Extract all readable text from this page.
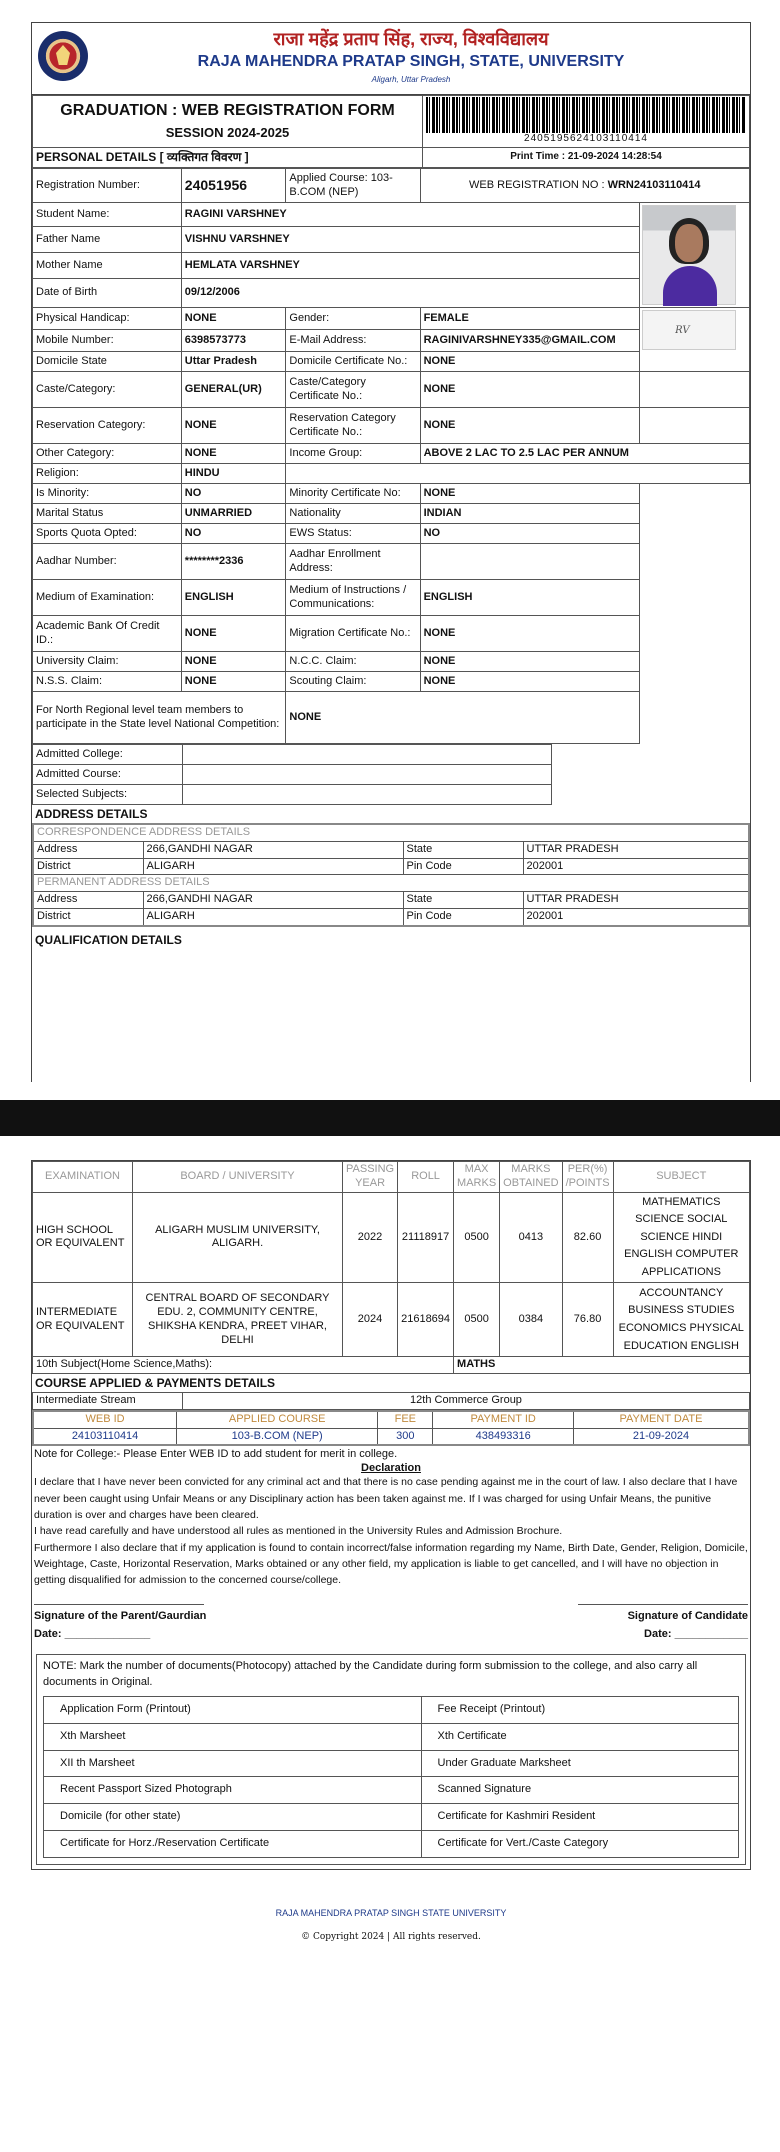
राजा महेंद्र प्रताप सिंह, राज्य, विश्वविद्यालय
RAJA MAHENDRA PRATAP SINGH, STATE, UNIVERSITY
Aligarh, Uttar Pradesh
GRADUATION : WEB REGISTRATION FORM
SESSION 2024-2025	2405195624103110414

PERSONAL DETAILS [ व्यक्तिगत विवरण ]	Print Time : 21-09-2024 14:28:54
Registration Number:	24051956	Applied Course: 103-B.COM (NEP)	WEB REGISTRATION NO : WRN24103110414	
Student Name:	RAGINI VARSHNEY			

Father Name	VISHNU VARSHNEY			
Mother Name	HEMLATA VARSHNEY			
Date of Birth	09/12/2006			
Physical Handicap:	NONE	Gender:	FEMALE	RV

Mobile Number:	6398573773	E-Mail Address:	RAGINIVARSHNEY335@GMAIL.COM	
Domicile State	Uttar Pradesh	Domicile Certificate No.:	NONE	
Caste/Category:	GENERAL(UR)	Caste/Category Certificate No.:	NONE	
Reservation Category:	NONE	Reservation Category Certificate No.:	NONE	
Other Category:	NONE	Income Group:	ABOVE 2 LAC TO 2.5 LAC PER ANNUM	
Religion:	HINDU			
Is Minority:	NO	Minority Certificate No:	NONE	
Marital Status	UNMARRIED	Nationality	INDIAN	
Sports Quota Opted:	NO	EWS Status:	NO	
Aadhar Number:	********2336	Aadhar Enrollment Address:		
Medium of Examination:	ENGLISH	Medium of Instructions / Communications:	ENGLISH	
Academic Bank Of Credit ID.:	NONE	Migration Certificate No.:	NONE	
University Claim:	NONE	N.C.C. Claim:	NONE	
N.S.S. Claim:	NONE	Scouting Claim:	NONE	
For North Regional level team members to participate in the State level National Competition:		NONE		
Admitted College:	
Admitted Course:	
Selected Subjects:	
ADDRESS DETAILS
CORRESPONDENCE ADDRESS DETAILS			
Address	266,GANDHI NAGAR	State	UTTAR PRADESH
District	ALIGARH	Pin Code	202001
PERMANENT ADDRESS DETAILS			
Address	266,GANDHI NAGAR	State	UTTAR PRADESH
District	ALIGARH	Pin Code	202001
QUALIFICATION DETAILS
EXAMINATION	BOARD / UNIVERSITY	PASSING YEAR	ROLL	MAX MARKS	MARKS OBTAINED	PER(%) /POINTS	SUBJECT
HIGH SCHOOL OR EQUIVALENT	ALIGARH MUSLIM UNIVERSITY, ALIGARH.	2022	21118917	0500	0413	82.60	MATHEMATICS SCIENCE SOCIAL SCIENCE HINDI ENGLISH COMPUTER APPLICATIONS
INTERMEDIATE OR EQUIVALENT	CENTRAL BOARD OF SECONDARY EDU. 2, COMMUNITY CENTRE, SHIKSHA KENDRA, PREET VIHAR, DELHI	2024	21618694	0500	0384	76.80	ACCOUNTANCY BUSINESS STUDIES ECONOMICS PHYSICAL EDUCATION ENGLISH
10th Subject(Home Science,Maths):				MATHS			
COURSE APPLIED & PAYMENTS DETAILS
Intermediate Stream	12th Commerce Group
WEB ID	APPLIED COURSE	FEE	PAYMENT ID	PAYMENT DATE
24103110414	103-B.COM (NEP)	300	438493316	21-09-2024
Note for College:- Please Enter WEB ID to add student for merit in college.
Declaration
I declare that I have never been convicted for any criminal act and that there is no case pending against me in the court of law. I also declare that I have never been caught using Unfair Means or any Disciplinary action has been taken against me. If I was charged for using Unfair Means, the punitive duration is over and charges have been cleared.
I have read carefully and have understood all rules as mentioned in the University Rules and Admission Brochure.
Furthermore I also declare that if my application is found to contain incorrect/false information regarding my Name, Birth Date, Gender, Religion, Domicile, Weightage, Caste, Horizontal Reservation, Marks obtained or any other field, my application is liable to get cancelled, and I will have no objection in getting disqualified for admission to the concerned course/college.
Signature of the Parent/Gaurdian	Signature of Candidate
Date: ______________	Date: ____________
NOTE: Mark the number of documents(Photocopy) attached by the Candidate during form submission to the college, and also carry all documents in Original.
Application Form (Printout)	Fee Receipt (Printout)
Xth Marsheet	Xth Certificate
XII th Marsheet	Under Graduate Marksheet
Recent Passport Sized Photograph	Scanned Signature
Domicile (for other state)	Certificate for Kashmiri Resident
Certificate for Horz./Reservation Certificate	Certificate for Vert./Caste Category
RAJA MAHENDRA PRATAP SINGH STATE UNIVERSITY
© Copyright 2024 | All rights reserved.
